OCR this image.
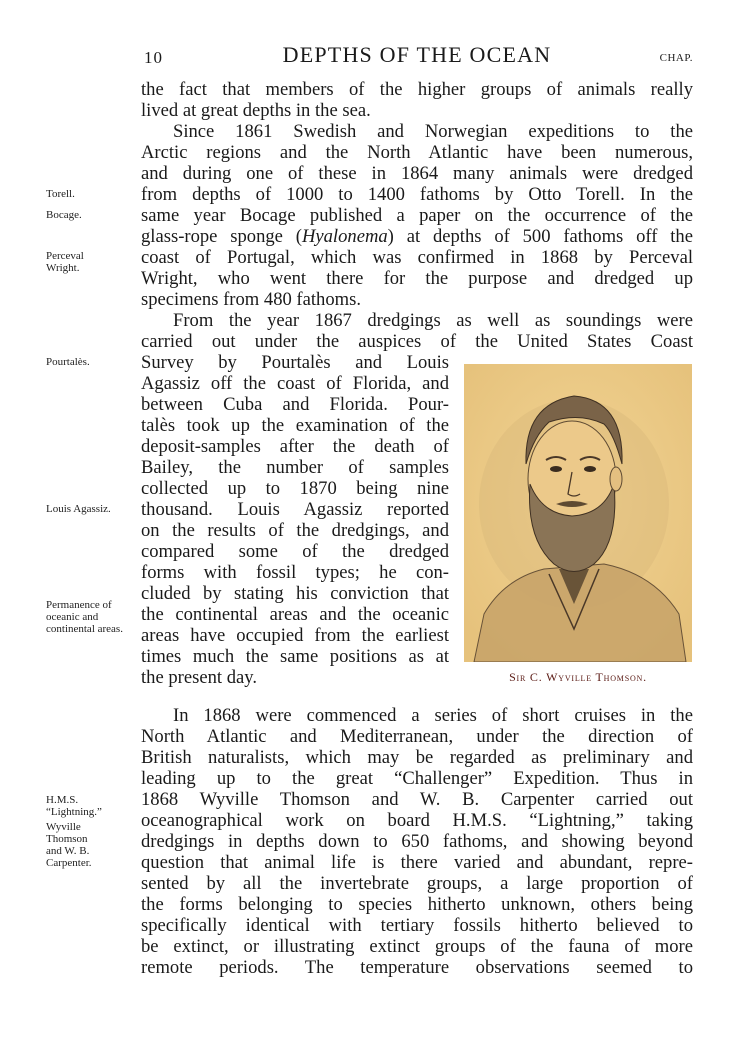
10	DEPTHS OF THE OCEAN	CHAP.
the fact that members of the higher groups of animals really
lived at great depths in the sea.
Since 1861 Swedish and Norwegian expeditions to the
Arctic regions and the North Atlantic have been numerous,
and during one of these in 1864 many animals were dredged
from depths of 1000 to 1400 fathoms by Otto Torell. In the
same year Bocage published a paper on the occurrence of the
glass-rope sponge (Hyalonema) at depths of 500 fathoms off the
coast of Portugal, which was confirmed in 1868 by Perceval
Wright, who went there for the purpose and dredged up
specimens from 480 fathoms.
From the year 1867 dredgings as well as soundings were
carried out under the auspices of the United States Coast
Survey by Pourtalès and Louis
Agassiz off the coast of Florida, and
between Cuba and Florida. Pour-
talès took up the examination of the
deposit-samples after the death of
Bailey, the number of samples
collected up to 1870 being nine
thousand. Louis Agassiz reported
on the results of the dredgings, and
compared some of the dredged
forms with fossil types; he con-
cluded by stating his conviction that
the continental areas and the oceanic
areas have occupied from the earliest
times much the same positions as at
the present day.
In 1868 were commenced a series of short cruises in the
North Atlantic and Mediterranean, under the direction of
British naturalists, which may be regarded as preliminary and
leading up to the great “Challenger” Expedition. Thus in
1868 Wyville Thomson and W. B. Carpenter carried out
oceanographical work on board H.M.S. “Lightning,” taking
dredgings in depths down to 650 fathoms, and showing beyond
question that animal life is there varied and abundant, repre-
sented by all the invertebrate groups, a large proportion of
the forms belonging to species hitherto unknown, others being
specifically identical with tertiary fossils hitherto believed to
be extinct, or illustrating extinct groups of the fauna of more
remote periods. The temperature observations seemed to
Torell.
Bocage.
Perceval Wright.
Pourtalès.
Louis Agassiz.
Permanence of oceanic and continental areas.
H.M.S. “Lightning.”
Wyville Thomson and W. B. Carpenter.
Sir C. Wyville Thomson.
